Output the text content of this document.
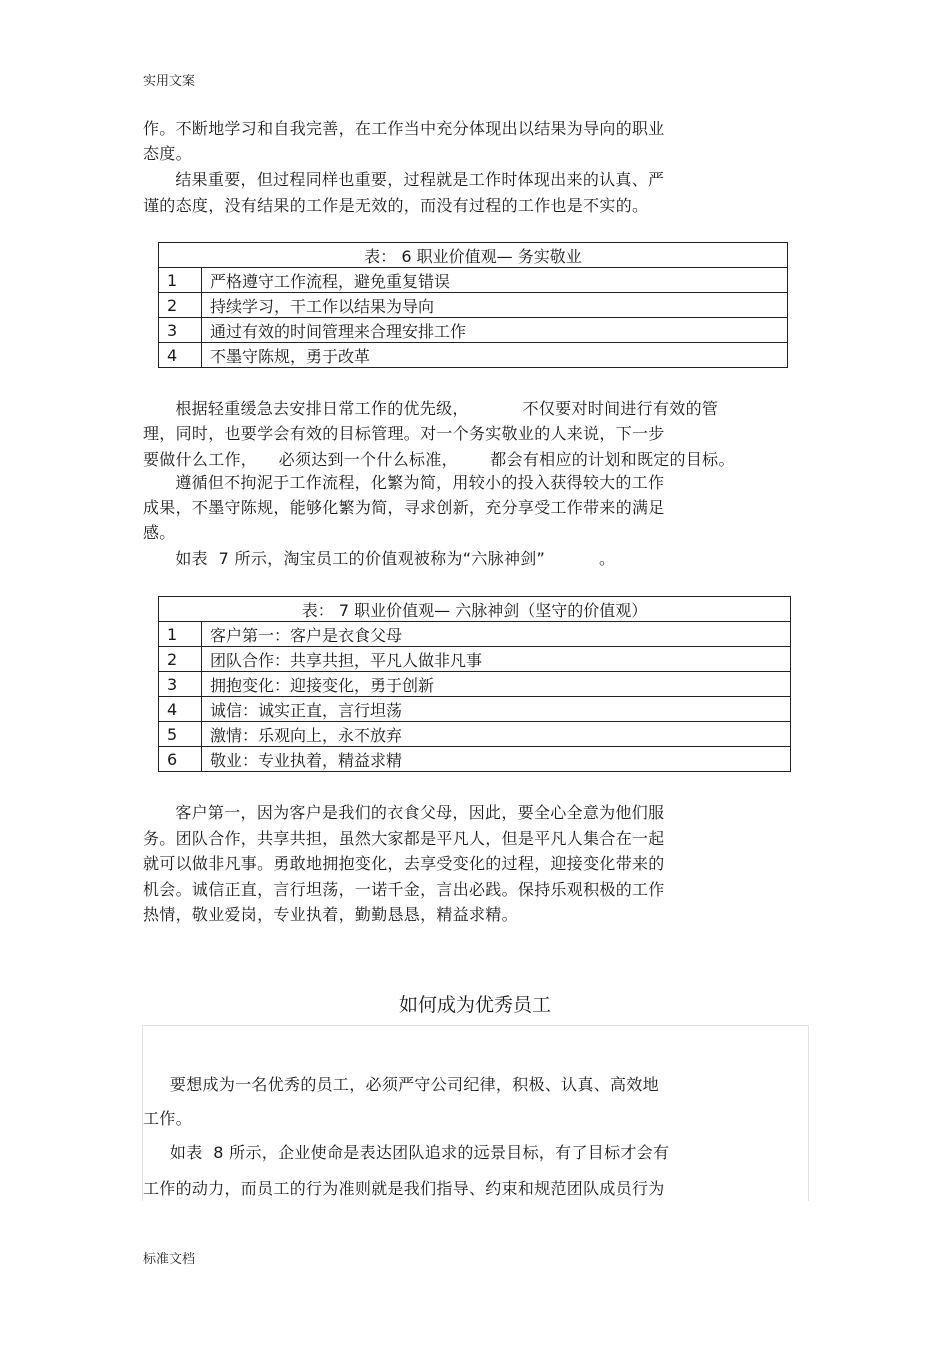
实用文案
作。不断地学习和自我完善，在工作当中充分体现出以结果为导向的职业
态度。
结果重要，但过程同样也重要，过程就是工作时体现出来的认真、严
谨的态度，没有结果的工作是无效的，而没有过程的工作也是不实的。
表： 6 职业价值观— 务实敬业	
1	严格遵守工作流程，避免重复错误
2	持续学习，干工作以结果为导向
3	通过有效的时间管理来合理安排工作
4	不墨守陈规，勇于改革
根据轻重缓急去安排日常工作的优先级，          不仅要对时间进行有效的管
理，同时，也要学会有效的目标管理。对一个务实敬业的人来说，下一步
要做什么工作，    必须达到一个什么标准，      都会有相应的计划和既定的目标。
遵循但不拘泥于工作流程，化繁为简，用较小的投入获得较大的工作
成果，不墨守陈规，能够化繁为简，寻求创新，充分享受工作带来的满足
感。
如表  7 所示，淘宝员工的价值观被称为“六脉神剑”          。
表： 7 职业价值观— 六脉神剑（坚守的价值观）	
1	客户第一：客户是衣食父母
2	团队合作：共享共担，平凡人做非凡事
3	拥抱变化：迎接变化，勇于创新
4	诚信：诚实正直，言行坦荡
5	激情：乐观向上，永不放弃
6	敬业：专业执着，精益求精
客户第一，因为客户是我们的衣食父母，因此，要全心全意为他们服
务。团队合作，共享共担，虽然大家都是平凡人，但是平凡人集合在一起
就可以做非凡事。勇敢地拥抱变化，去享受变化的过程，迎接变化带来的
机会。诚信正直，言行坦荡，一诺千金，言出必践。保持乐观积极的工作
热情，敬业爱岗，专业执着，勤勤恳恳，精益求精。
如何成为优秀员工
要想成为一名优秀的员工，必须严守公司纪律，积极、认真、高效地
工作。
如表  8 所示，企业使命是表达团队追求的远景目标，有了目标才会有
工作的动力，而员工的行为准则就是我们指导、约束和规范团队成员行为
标准文档
